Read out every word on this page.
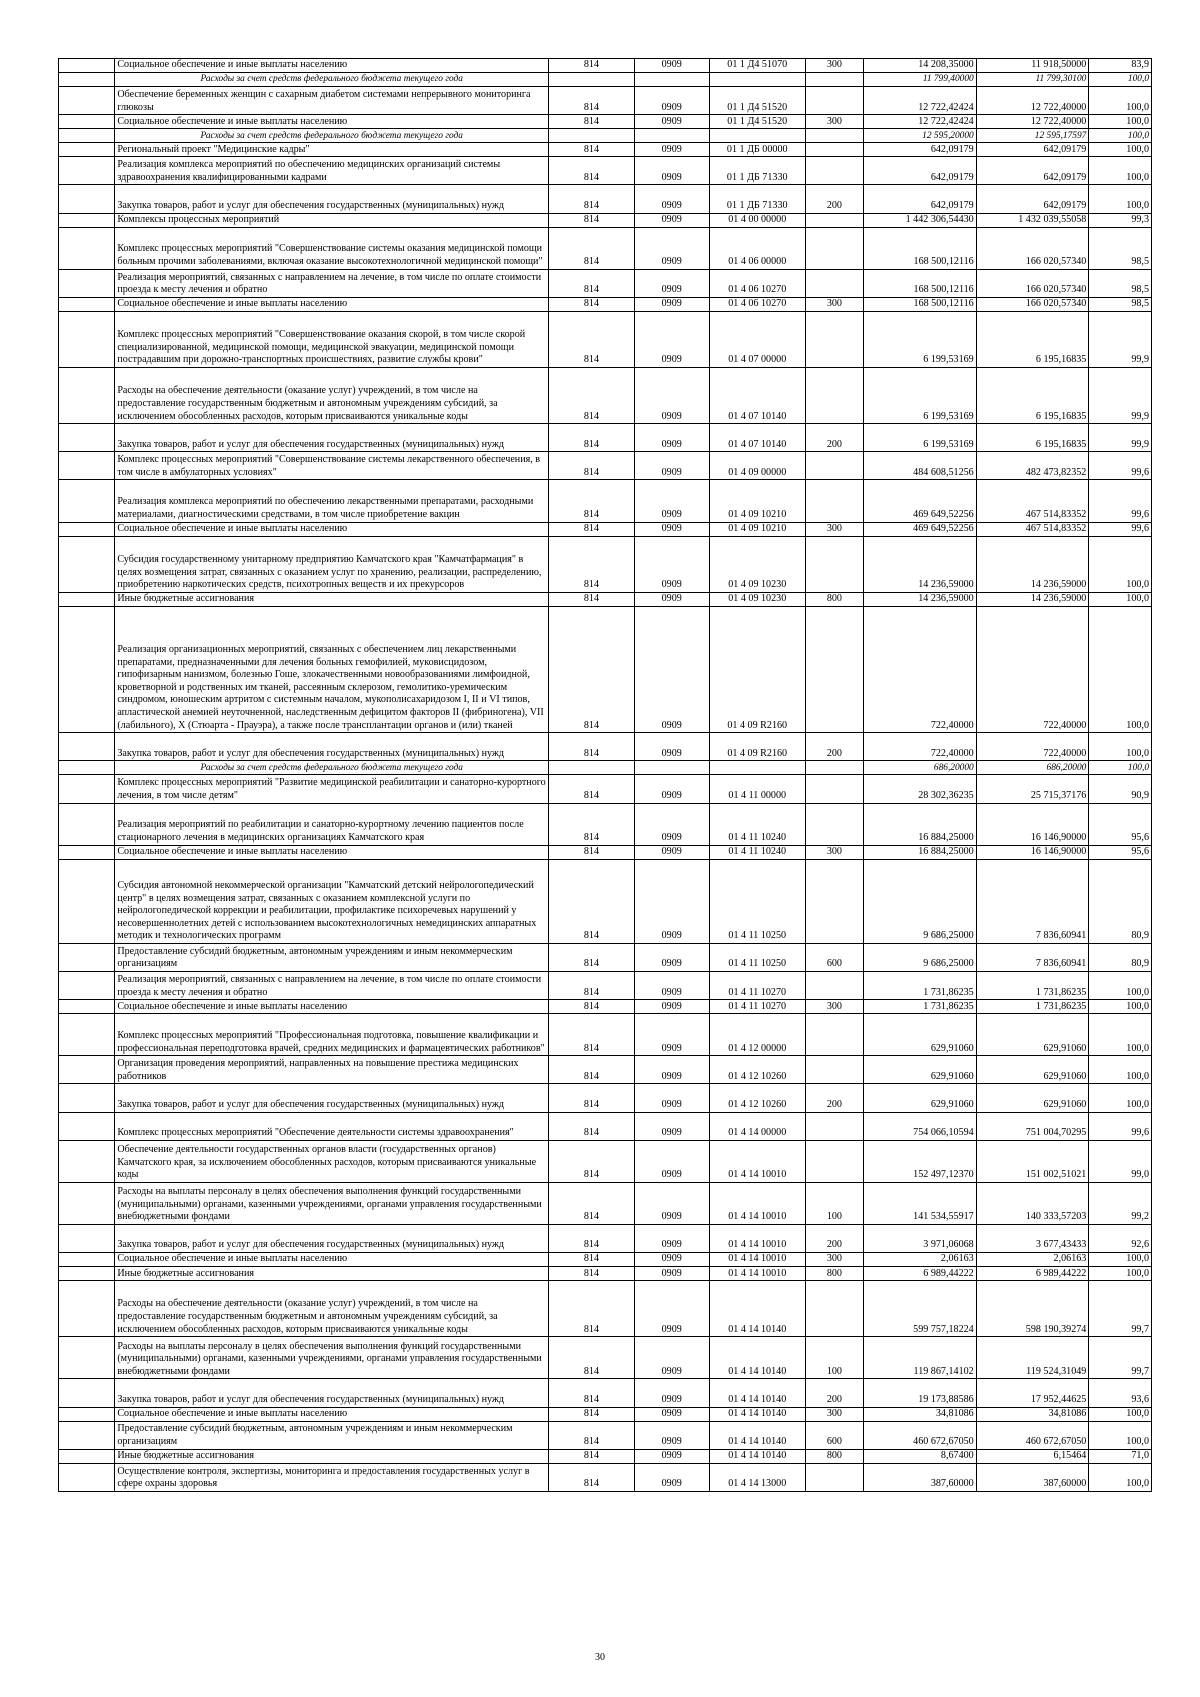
	Социальное обеспечение и иные выплаты населению	814	0909	01 1 Д4 51070	300	14 208,35000	11 918,50000	83,9
	Расходы за счет средств федерального бюджета текущего года					11 799,40000	11 799,30100	100,0
	Обеспечение беременных женщин с сахарным диабетом системами непрерывного мониторинга глюкозы	814	0909	01 1 Д4 51520		12 722,42424	12 722,40000	100,0
	Социальное обеспечение и иные выплаты населению	814	0909	01 1 Д4 51520	300	12 722,42424	12 722,40000	100,0
	Расходы за счет средств федерального бюджета текущего года					12 595,20000	12 595,17597	100,0
	Региональный проект "Медицинские кадры"	814	0909	01 1 ДБ 00000		642,09179	642,09179	100,0
	Реализация комплекса мероприятий по обеспечению медицинских организаций системы здравоохранения квалифицированными кадрами	814	0909	01 1 ДБ 71330		642,09179	642,09179	100,0
	Закупка товаров, работ и услуг для обеспечения государственных (муниципальных) нужд	814	0909	01 1 ДБ 71330	200	642,09179	642,09179	100,0
	Комплексы процессных мероприятий	814	0909	01 4 00 00000		1 442 306,54430	1 432 039,55058	99,3
	Комплекс процессных мероприятий "Совершенствование системы оказания медицинской помощи больным прочими заболеваниями, включая оказание высокотехнологичной медицинской помощи"	814	0909	01 4 06 00000		168 500,12116	166 020,57340	98,5
	Реализация мероприятий, связанных с направлением на лечение, в том числе по оплате стоимости проезда к месту лечения и обратно	814	0909	01 4 06 10270		168 500,12116	166 020,57340	98,5
	Социальное обеспечение и иные выплаты населению	814	0909	01 4 06 10270	300	168 500,12116	166 020,57340	98,5
	Комплекс процессных мероприятий "Совершенствование оказания скорой, в том числе скорой специализированной, медицинской помощи, медицинской эвакуации, медицинской помощи пострадавшим при дорожно-транспортных происшествиях, развитие службы крови"	814	0909	01 4 07 00000		6 199,53169	6 195,16835	99,9
	Расходы на обеспечение деятельности (оказание услуг) учреждений, в том числе на предоставление государственным бюджетным и автономным учреждениям субсидий, за исключением обособленных расходов, которым присваиваются уникальные коды	814	0909	01 4 07 10140		6 199,53169	6 195,16835	99,9
	Закупка товаров, работ и услуг для обеспечения государственных (муниципальных) нужд	814	0909	01 4 07 10140	200	6 199,53169	6 195,16835	99,9
	Комплекс процессных мероприятий "Совершенствование системы лекарственного обеспечения, в том числе в амбулаторных условиях"	814	0909	01 4 09 00000		484 608,51256	482 473,82352	99,6
	Реализация комплекса мероприятий по обеспечению лекарственными препаратами, расходными материалами, диагностическими средствами, в том числе приобретение вакцин	814	0909	01 4 09 10210		469 649,52256	467 514,83352	99,6
	Социальное обеспечение и иные выплаты населению	814	0909	01 4 09 10210	300	469 649,52256	467 514,83352	99,6
	Субсидия государственному унитарному предприятию Камчатского края "Камчатфармация" в целях возмещения затрат, связанных с оказанием услуг по хранению, реализации, распределению, приобретению наркотических средств, психотропных веществ и их прекурсоров	814	0909	01 4 09 10230		14 236,59000	14 236,59000	100,0
	Иные бюджетные ассигнования	814	0909	01 4 09 10230	800	14 236,59000	14 236,59000	100,0
	Реализация организационных мероприятий, связанных с обеспечением лиц лекарственными препаратами, предназначенными для лечения больных гемофилией, муковисцидозом, гипофизарным нанизмом, болезнью Гоше, злокачественными новообразованиями лимфоидной, кроветворной и родственных им тканей, рассеянным склерозом, гемолитико-уремическим синдромом, юношеским артритом с системным началом, мукополисахаридозом I, II и VI типов, апластической анемией неуточненной, наследственным дефицитом факторов II (фибриногена), VII (лабильного), X (Стюарта - Прауэра), а также после трансплантации органов и (или) тканей	814	0909	01 4 09 R2160		722,40000	722,40000	100,0
	Закупка товаров, работ и услуг для обеспечения государственных (муниципальных) нужд	814	0909	01 4 09 R2160	200	722,40000	722,40000	100,0
	Расходы за счет средств федерального бюджета текущего года					686,20000	686,20000	100,0
	Комплекс процессных мероприятий "Развитие медицинской реабилитации и санаторно-курортного лечения, в том числе детям"	814	0909	01 4 11 00000		28 302,36235	25 715,37176	90,9
	Реализация мероприятий по реабилитации и санаторно-курортному лечению пациентов после стационарного лечения в медицинских организациях Камчатского края	814	0909	01 4 11 10240		16 884,25000	16 146,90000	95,6
	Социальное обеспечение и иные выплаты населению	814	0909	01 4 11 10240	300	16 884,25000	16 146,90000	95,6
	Субсидия автономной некоммерческой организации "Камчатский детский нейрологопедический центр" в целях возмещения затрат, связанных с оказанием комплексной услуги по нейрологопедической коррекции и реабилитации, профилактике психоречевых нарушений у несовершеннолетних детей с использованием высокотехнологичных немедицинских аппаратных методик и технологических программ	814	0909	01 4 11 10250		9 686,25000	7 836,60941	80,9
	Предоставление субсидий бюджетным, автономным учреждениям и иным некоммерческим организациям	814	0909	01 4 11 10250	600	9 686,25000	7 836,60941	80,9
	Реализация мероприятий, связанных с направлением на лечение, в том числе по оплате стоимости проезда к месту лечения и обратно	814	0909	01 4 11 10270		1 731,86235	1 731,86235	100,0
	Социальное обеспечение и иные выплаты населению	814	0909	01 4 11 10270	300	1 731,86235	1 731,86235	100,0
	Комплекс процессных мероприятий "Профессиональная подготовка, повышение квалификации и профессиональная переподготовка врачей, средних медицинских и фармацевтических работников"	814	0909	01 4 12 00000		629,91060	629,91060	100,0
	Организация проведения мероприятий, направленных на повышение престижа медицинских работников	814	0909	01 4 12 10260		629,91060	629,91060	100,0
	Закупка товаров, работ и услуг для обеспечения государственных (муниципальных) нужд	814	0909	01 4 12 10260	200	629,91060	629,91060	100,0
	Комплекс процессных мероприятий "Обеспечение деятельности системы здравоохранения"	814	0909	01 4 14 00000		754 066,10594	751 004,70295	99,6
	Обеспечение деятельности государственных органов власти (государственных органов) Камчатского края, за исключением обособленных расходов, которым присваиваются уникальные коды	814	0909	01 4 14 10010		152 497,12370	151 002,51021	99,0
	Расходы на выплаты персоналу в целях обеспечения выполнения функций государственными (муниципальными) органами, казенными учреждениями, органами управления государственными внебюджетными фондами	814	0909	01 4 14 10010	100	141 534,55917	140 333,57203	99,2
	Закупка товаров, работ и услуг для обеспечения государственных (муниципальных) нужд	814	0909	01 4 14 10010	200	3 971,06068	3 677,43433	92,6
	Социальное обеспечение и иные выплаты населению	814	0909	01 4 14 10010	300	2,06163	2,06163	100,0
	Иные бюджетные ассигнования	814	0909	01 4 14 10010	800	6 989,44222	6 989,44222	100,0
	Расходы на обеспечение деятельности (оказание услуг) учреждений, в том числе на предоставление государственным бюджетным и автономным учреждениям субсидий, за исключением обособленных расходов, которым присваиваются уникальные коды	814	0909	01 4 14 10140		599 757,18224	598 190,39274	99,7
	Расходы на выплаты персоналу в целях обеспечения выполнения функций государственными (муниципальными) органами, казенными учреждениями, органами управления государственными внебюджетными фондами	814	0909	01 4 14 10140	100	119 867,14102	119 524,31049	99,7
	Закупка товаров, работ и услуг для обеспечения государственных (муниципальных) нужд	814	0909	01 4 14 10140	200	19 173,88586	17 952,44625	93,6
	Социальное обеспечение и иные выплаты населению	814	0909	01 4 14 10140	300	34,81086	34,81086	100,0
	Предоставление субсидий бюджетным, автономным учреждениям и иным некоммерческим организациям	814	0909	01 4 14 10140	600	460 672,67050	460 672,67050	100,0
	Иные бюджетные ассигнования	814	0909	01 4 14 10140	800	8,67400	6,15464	71,0
	Осуществление контроля, экспертизы, мониторинга и предоставления государственных услуг в сфере охраны здоровья	814	0909	01 4 14 13000		387,60000	387,60000	100,0
30
